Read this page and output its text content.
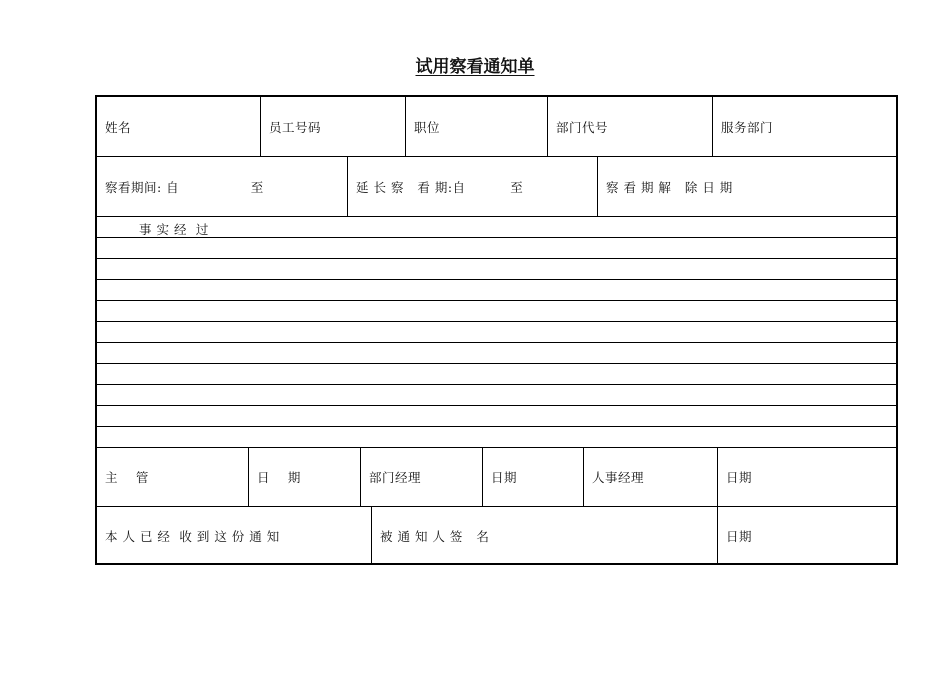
试用察看通知单
姓名	员工号码	职位	部门代号	服务部门
察看期间: 自                至	延 长 察   看 期:自          至	察 看 期 解   除 日 期
事 实 经  过
主    管	日    期	部门经理	日期	人事经理	日期
本 人 已 经  收 到 这 份 通 知	被 通 知 人 签   名	日期
